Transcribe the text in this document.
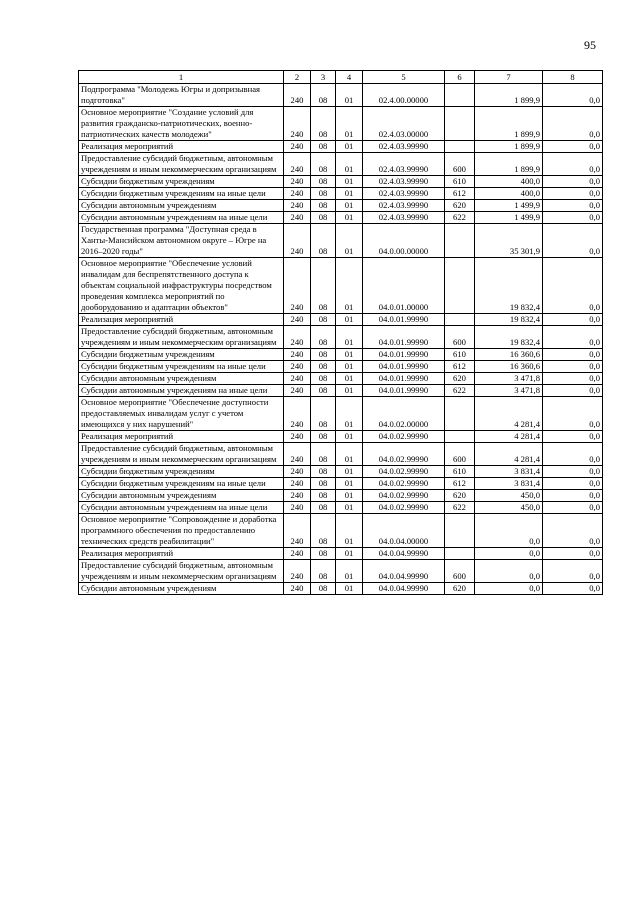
95
1	2	3	4	5	6	7	8
Подпрограмма "Молодежь Югры и допризывная подготовка"	240	08	01	02.4.00.00000		1 899,9	0,0
Основное мероприятие "Создание условий для развития гражданско-патриотических, военно-патриотических качеств молодежи"	240	08	01	02.4.03.00000		1 899,9	0,0
Реализация мероприятий	240	08	01	02.4.03.99990		1 899,9	0,0
Предоставление субсидий бюджетным, автономным учреждениям и иным некоммерческим организациям	240	08	01	02.4.03.99990	600	1 899,9	0,0
Субсидии бюджетным учреждениям	240	08	01	02.4.03.99990	610	400,0	0,0
Субсидии бюджетным учреждениям на иные цели	240	08	01	02.4.03.99990	612	400,0	0,0
Субсидии автономным учреждениям	240	08	01	02.4.03.99990	620	1 499,9	0,0
Субсидии автономным учреждениям на иные цели	240	08	01	02.4.03.99990	622	1 499,9	0,0
Государственная программа "Доступная среда в Ханты-Мансийском автономном округе – Югре на 2016–2020 годы"	240	08	01	04.0.00.00000		35 301,9	0,0
Основное мероприятие "Обеспечение условий инвалидам для беспрепятственного доступа к объектам социальной инфраструктуры посредством проведения комплекса мероприятий по дооборудованию и адаптации объектов"	240	08	01	04.0.01.00000		19 832,4	0,0
Реализация мероприятий	240	08	01	04.0.01.99990		19 832,4	0,0
Предоставление субсидий бюджетным, автономным учреждениям и иным некоммерческим организациям	240	08	01	04.0.01.99990	600	19 832,4	0,0
Субсидии бюджетным учреждениям	240	08	01	04.0.01.99990	610	16 360,6	0,0
Субсидии бюджетным учреждениям на иные цели	240	08	01	04.0.01.99990	612	16 360,6	0,0
Субсидии автономным учреждениям	240	08	01	04.0.01.99990	620	3 471,8	0,0
Субсидии автономным учреждениям на иные цели	240	08	01	04.0.01.99990	622	3 471,8	0,0
Основное мероприятие "Обеспечение доступности предоставляемых инвалидам услуг с учетом имеющихся у них нарушений"	240	08	01	04.0.02.00000		4 281,4	0,0
Реализация мероприятий	240	08	01	04.0.02.99990		4 281,4	0,0
Предоставление субсидий бюджетным, автономным учреждениям и иным некоммерческим организациям	240	08	01	04.0.02.99990	600	4 281,4	0,0
Субсидии бюджетным учреждениям	240	08	01	04.0.02.99990	610	3 831,4	0,0
Субсидии бюджетным учреждениям на иные цели	240	08	01	04.0.02.99990	612	3 831,4	0,0
Субсидии автономным учреждениям	240	08	01	04.0.02.99990	620	450,0	0,0
Субсидии автономным учреждениям на иные цели	240	08	01	04.0.02.99990	622	450,0	0,0
Основное мероприятие "Сопровождение и доработка программного обеспечения по предоставлению технических средств реабилитации"	240	08	01	04.0.04.00000		0,0	0,0
Реализация мероприятий	240	08	01	04.0.04.99990		0,0	0,0
Предоставление субсидий бюджетным, автономным учреждениям и иным некоммерческим организациям	240	08	01	04.0.04.99990	600	0,0	0,0
Субсидии автономным учреждениям	240	08	01	04.0.04.99990	620	0,0	0,0
